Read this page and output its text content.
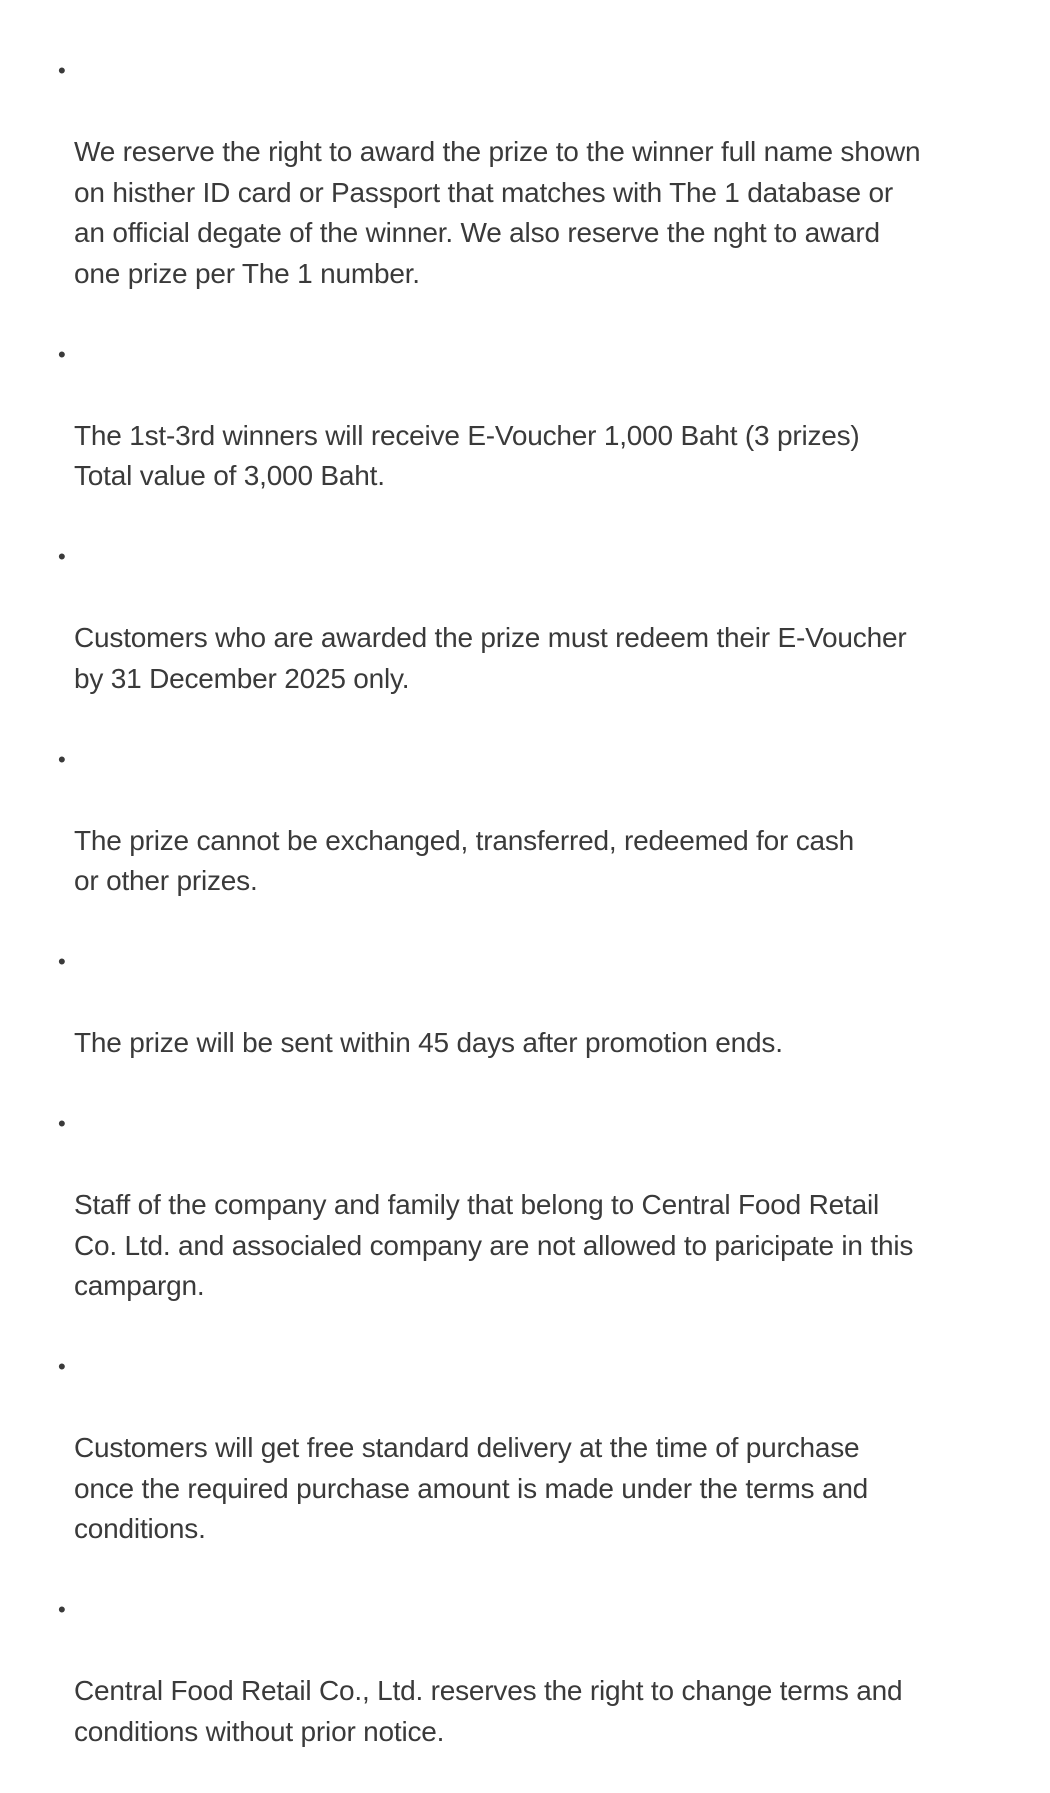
•

We reserve the right to award the prize to the winner full name shown
on histher ID card or Passport that matches with The 1 database or
an official degate of the winner. We also reserve the nght to award
one prize per The 1 number.

•

The 1st-3rd winners will receive E-Voucher 1,000 Baht (3 prizes)
Total value of 3,000 Baht.

•

Customers who are awarded the prize must redeem their E-Voucher
by 31 December 2025 only.

•

The prize cannot be exchanged, transferred, redeemed for cash
or other prizes.

•

The prize will be sent within 45 days after promotion ends.

•

Staff of the company and family that belong to Central Food Retail
Co. Ltd. and associaled company are not allowed to paricipate in this
campargn.

•

Customers will get free standard delivery at the time of purchase
once the required purchase amount is made under the terms and
conditions.

•

Central Food Retail Co., Ltd. reserves the right to change terms and
conditions without prior notice.
